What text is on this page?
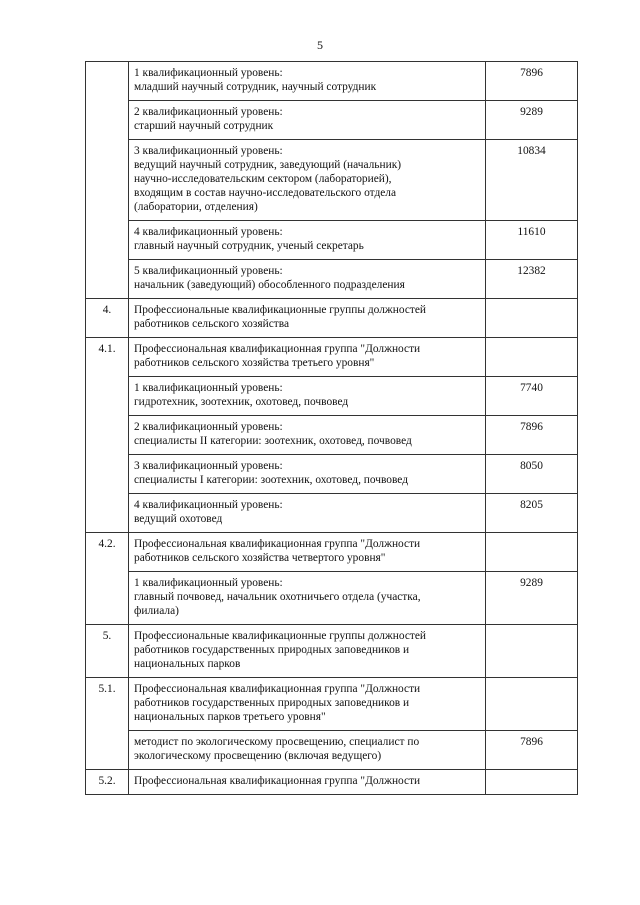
5

	1 квалификационный уровень:
младший научный сотрудник, научный сотрудник	7896

	2 квалификационный уровень:
старший научный сотрудник	9289

	3 квалификационный уровень:
ведущий научный сотрудник, заведующий (начальник)
научно-исследовательским сектором (лабораторией),
входящим в состав научно-исследовательского отдела
(лаборатории, отделения)	10834

	4 квалификационный уровень:
главный научный сотрудник, ученый секретарь	11610

	5 квалификационный уровень:
начальник (заведующий) обособленного подразделения	12382
4.	Профессиональные квалификационные группы должностей
работников сельского хозяйства	

4.1.	Профессиональная квалификационная группа "Должности
работников сельского хозяйства третьего уровня"	

	1 квалификационный уровень:
гидротехник, зоотехник, охотовед, почвовед	7740

	2 квалификационный уровень:
специалисты II категории: зоотехник, охотовед, почвовед	7896

	3 квалификационный уровень:
специалисты I категории: зоотехник, охотовед, почвовед	8050

	4 квалификационный уровень:
ведущий охотовед	8205
4.2.	Профессиональная квалификационная группа "Должности
работников сельского хозяйства четвертого уровня"	

	1 квалификационный уровень:
главный почвовед, начальник охотничьего отдела (участка,
филиала)	9289
5.	Профессиональные квалификационные группы должностей
работников государственных природных заповедников и
национальных парков	

5.1.	Профессиональная квалификационная группа "Должности
работников государственных природных заповедников и
национальных парков третьего уровня"	

	методист по экологическому просвещению, специалист по
экологическому просвещению (включая ведущего)	7896
5.2.	Профессиональная квалификационная группа "Должности	
